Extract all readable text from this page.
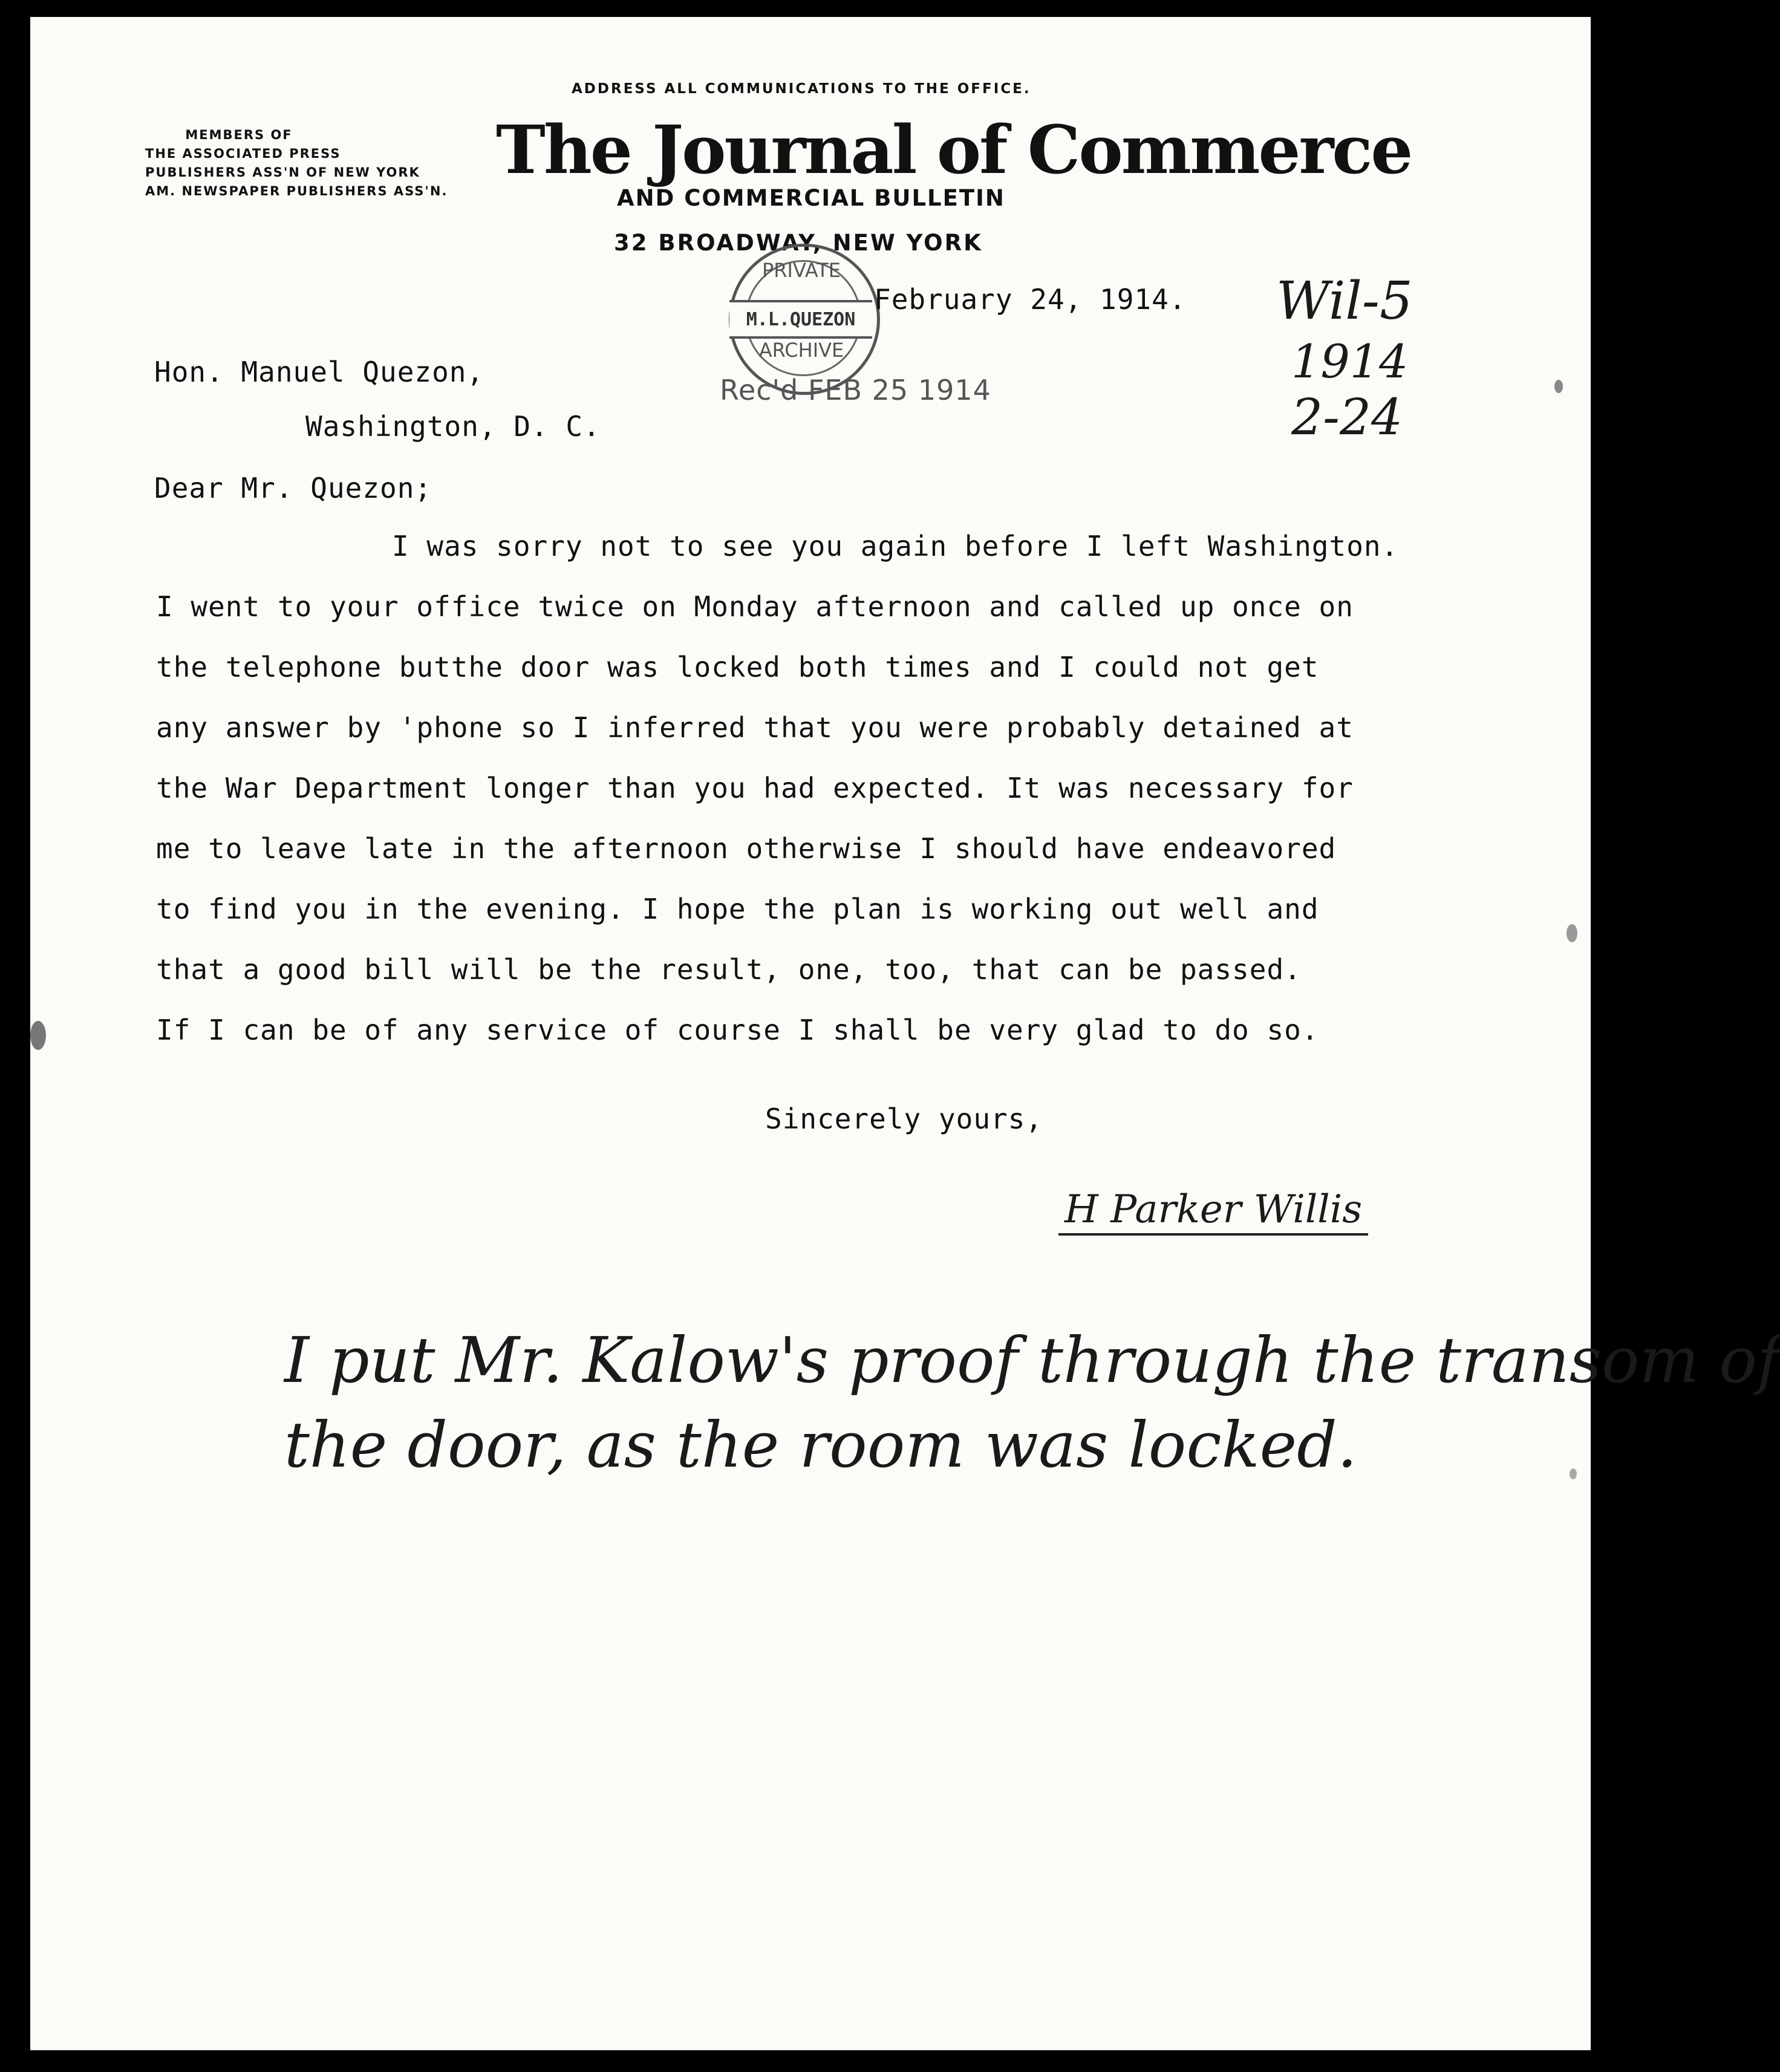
MEMBERS OF
THE ASSOCIATED PRESS
PUBLISHERS ASS'N OF NEW YORK
AM. NEWSPAPER PUBLISHERS ASS'N.
ADDRESS ALL COMMUNICATIONS TO THE OFFICE.
The Journal of Commerce
AND COMMERCIAL BULLETIN
32 BROADWAY, NEW YORK
PRIVATE
M.L.QUEZON
ARCHIVE
Rec'd FEB 25 1914
February 24, 1914. Wil-5
1914
2-24
Hon. Manuel Quezon,
Washington, D. C.
Dear Mr. Quezon;
I was sorry not to see you again before I left Washington.
I went to your office twice on Monday afternoon and called up once on
the telephone butthe door was locked both times and I could not get
any answer by 'phone so I inferred that you were probably detained at
the War Department longer than you had expected. It was necessary for
me to leave late in the afternoon otherwise I should have endeavored
to find you in the evening. I hope the plan is working out well and
that a good bill will be the result, one, too, that can be passed.
If I can be of any service of course I shall be very glad to do so.
Sincerely yours,
H Parker Willis
I put Mr. Kalow's proof through the transom of
the door, as the room was locked.
